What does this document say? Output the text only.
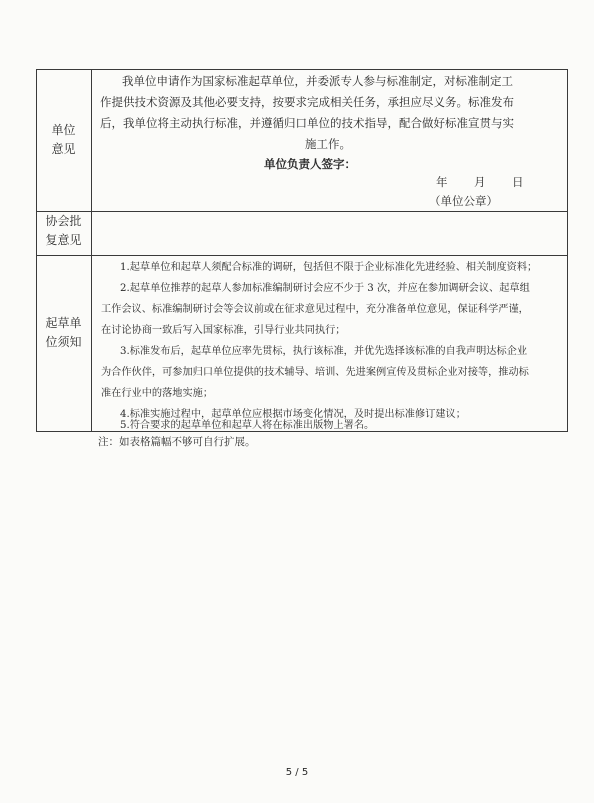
单位
意见
我单位申请作为国家标准起草单位，并委派专人参与标准制定，对标准制定工
作提供技术资源及其他必要支持，按要求完成相关任务，承担应尽义务。标准发布
后，我单位将主动执行标准，并遵循归口单位的技术指导，配合做好标准宣贯与实
施工作。
单位负责人签字：
年 月 日
（单位公章）
协会批
复意见
起草单
位须知
1.起草单位和起草人须配合标准的调研，包括但不限于企业标准化先进经验、相关制度资料；
2.起草单位推荐的起草人参加标准编制研讨会应不少于 3 次，并应在参加调研会议、起草组
工作会议、标准编制研讨会等会议前或在征求意见过程中，充分准备单位意见，保证科学严谨，
在讨论协商一致后写入国家标准，引导行业共同执行；
3.标准发布后，起草单位应率先贯标，执行该标准，并优先选择该标准的自我声明达标企业
为合作伙伴，可参加归口单位提供的技术辅导、培训、先进案例宣传及贯标企业对接等，推动标
准在行业中的落地实施；
4.标准实施过程中，起草单位应根据市场变化情况，及时提出标准修订建议；
5.符合要求的起草单位和起草人将在标准出版物上署名。
注：如表格篇幅不够可自行扩展。
5 / 5
